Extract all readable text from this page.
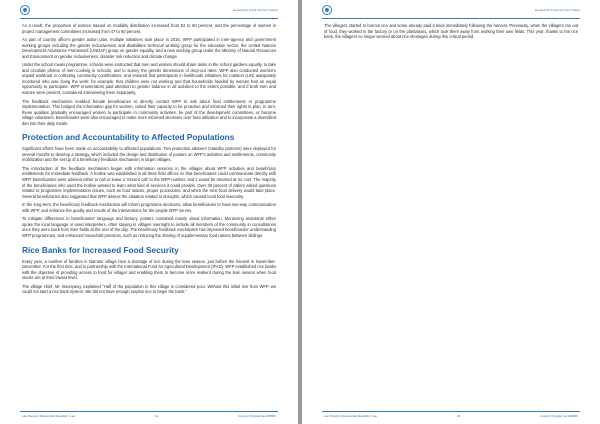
Household Food Aid Fact Sheet

As a result, the proportion of women trained on modality distribution increased from 52 to 60 percent, and the percentage of women in project management committees increased from 47 to 60 percent.

As part of country office's gender action plan, multiple initiatives took place in 2016. WFP participated in inter-agency and government working groups including the gender inclusiveness and disabilities technical working group for the education sector, the United Nations Development Assistance Framework (UNDAF) group on gender equality, and a new working group under the Ministry of Natural Resources and Environment on gender inclusiveness, disaster risk reduction and climate change.

Under the school meals programme, schools were instructed that men and women should share tasks in the school gardens equally, to take and circulate photos of men cooking in schools, and to survey the gender dimensions of drop-out rates. WFP also conducted women's unpaid workload in collecting community contributions, and ensured that participants in livelihoods initiatives for nutrition (LIN) adequately monitored who was doing the work: for example, that children were not working and that households headed by women had an equal opportunity to participate. WFP enumerators paid attention to gender balance in all activities to the extent possible, and if both men and women were present, considered interviewing them separately.

The feedback mechanism enabled female beneficiaries to directly contact WFP to ask about food entitlements or programme implementation. This bridged the information gap for women, raised their capacity to be proactive and informed their rights in plan. In turn, these qualities gradually encouraged women to participate in community activities, be part of the development committees, or become village volunteers. Beneficiaries were also encouraged to make more informed decisions over food utilization and to incorporate a diversified diet into their daily meals.

Protection and Accountability to Affected Populations

Significant efforts have been made on accountability to affected populations. Two protection advisers (standby partners) were deployed for several months to develop a strategy, which included the design and distribution of posters on WFP's activities and entitlements, community mobilization and the set-up of a beneficiary feedback mechanism in target villages.

The introduction of the feedback mechanism began with information sessions in the villages about WFP activities and beneficiary entitlements for immediate feedback. A hotline was established in all three field offices so that beneficiaries could communicate directly with WFP. Beneficiaries were advised either to call or leave a 'missed call' to the WFP number, and it would be returned at no cost. The majority of the beneficiaries who used the hotline wanted to learn what kind of services it could provide. Over 30 percent of callers asked questions related to programme implementation issues, such as food rations, proper procedures, and when the next food delivery would take place. Several beneficiaries also suggested that WFP assess the situation related to droughts, which caused local food insecurity.

In the long-term, the beneficiary feedback mechanism will inform programme decisions, allow beneficiaries to have two-way communication with WFP, and enhance the quality and results of the interventions for the people WFP serves.

To mitigate differences in beneficiaries' language and literacy, posters contained mainly visual information. Monitoring assistants either spoke the local language or used interpreters, often staying in villages overnight to include all members of the community in consultations once they were back from their fields at the end of the day. The beneficiary feedback mechanism has improved beneficiaries' understanding WFP programmes, and enhanced household practices, such as reducing the sharing of supplementary food rations between siblings.

Rice Banks for Increased Food Security

Every year, a number of families in Namdor village face a shortage of rice during the lean season, just before the harvest in November-December. For the first time, and in partnership with the International Fund for Agricultural Development (IFAD), WFP established rice banks with the objective of providing access to food for villager and enabling them to become more resilient during the lean season when food stocks are at their lowest level.

The village chief, Mr. Bounyang, explained "Half of the population in this village is considered poor. Without this initial rice from WFP, we could not start a rice bank system. We did not have enough surplus rice to begin the bank."

Lao People's Democratic Republic | Lao	14	Country Programme 200803
Household Food Aid Fact Sheet

The villagers started to borrow rice and some already paid it back immediately following the harvest. Previously, when the villagers ran out of food, they worked in the factory or on the plantations, which took them away from working their own fields. This year, thanks to the rice bank, the villagers no longer worried about rice shortages during this critical period.

Lao People's Democratic Republic | Lao	15	Country Programme 200803
